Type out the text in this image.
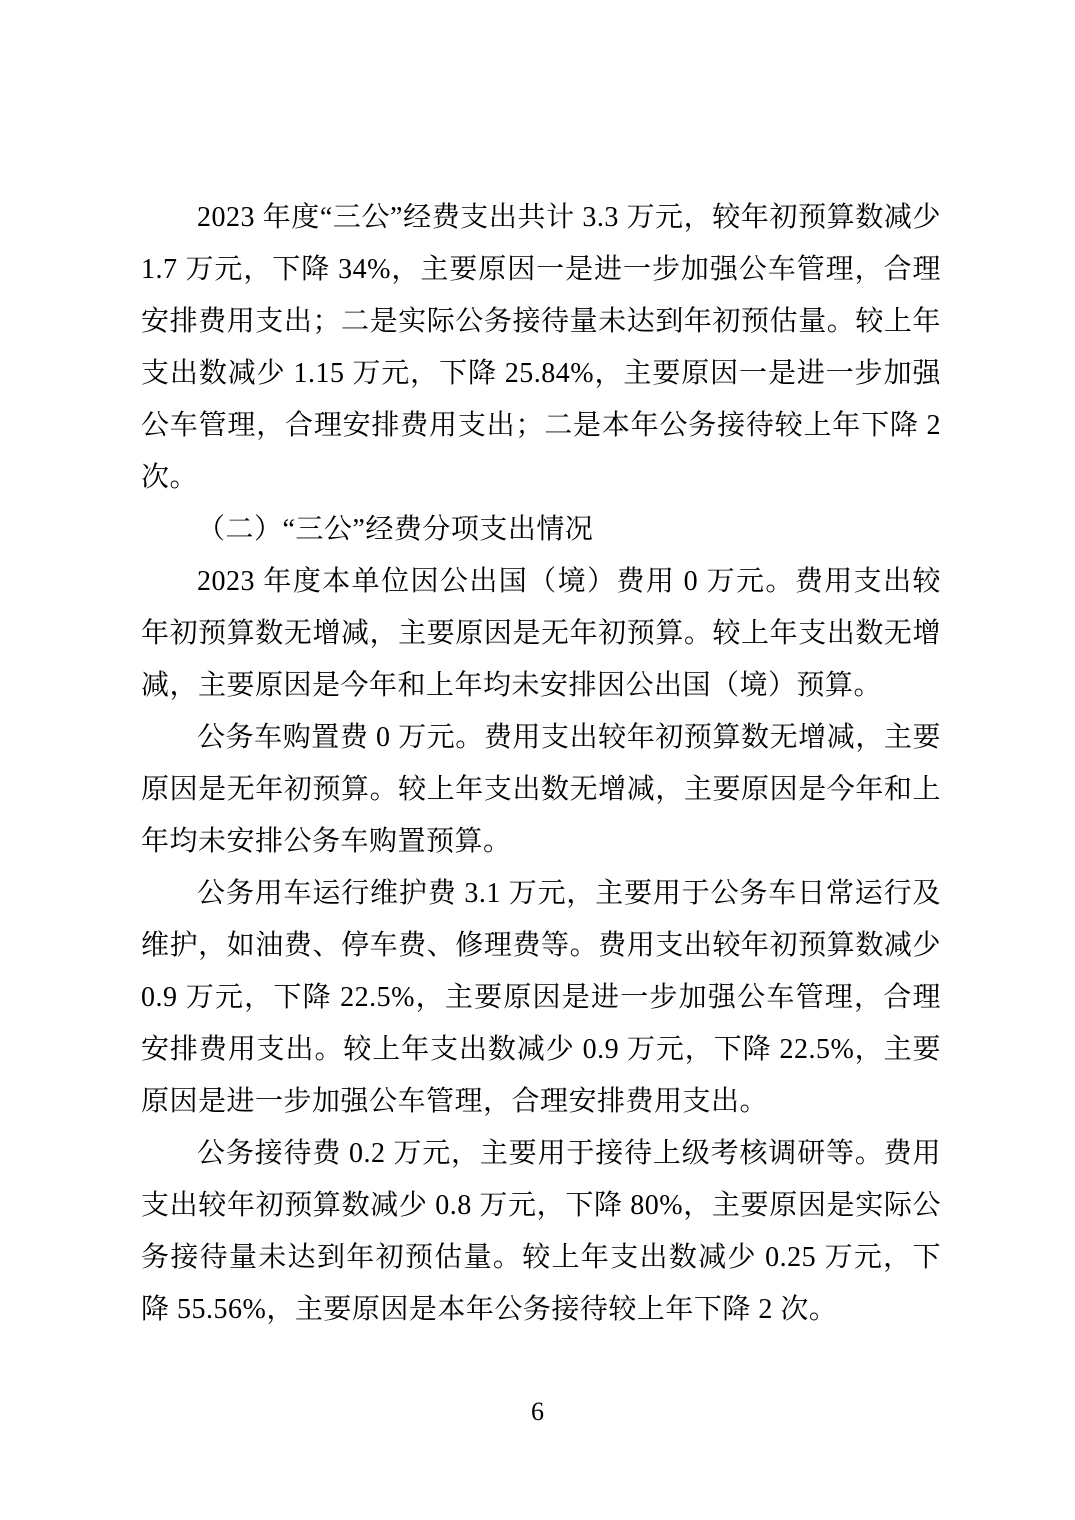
2023 年度“三公”经费支出共计 3.3 万元，较年初预算数减少 1.7 万元，下降 34%，主要原因一是进一步加强公车管理，合理安排费用支出；二是实际公务接待量未达到年初预估量。较上年支出数减少 1.15 万元，下降 25.84%，主要原因一是进一步加强公车管理，合理安排费用支出；二是本年公务接待较上年下降 2 次。

（二）“三公”经费分项支出情况

2023 年度本单位因公出国（境）费用 0 万元。费用支出较年初预算数无增减，主要原因是无年初预算。较上年支出数无增减，主要原因是今年和上年均未安排因公出国（境）预算。

公务车购置费 0 万元。费用支出较年初预算数无增减，主要原因是无年初预算。较上年支出数无增减，主要原因是今年和上年均未安排公务车购置预算。

公务用车运行维护费 3.1 万元，主要用于公务车日常运行及维护，如油费、停车费、修理费等。费用支出较年初预算数减少 0.9 万元，下降 22.5%，主要原因是进一步加强公车管理，合理安排费用支出。较上年支出数减少 0.9 万元，下降 22.5%，主要原因是进一步加强公车管理，合理安排费用支出。

公务接待费 0.2 万元，主要用于接待上级考核调研等。费用支出较年初预算数减少 0.8 万元，下降 80%，主要原因是实际公务接待量未达到年初预估量。较上年支出数减少 0.25 万元，下降 55.56%，主要原因是本年公务接待较上年下降 2 次。

6
